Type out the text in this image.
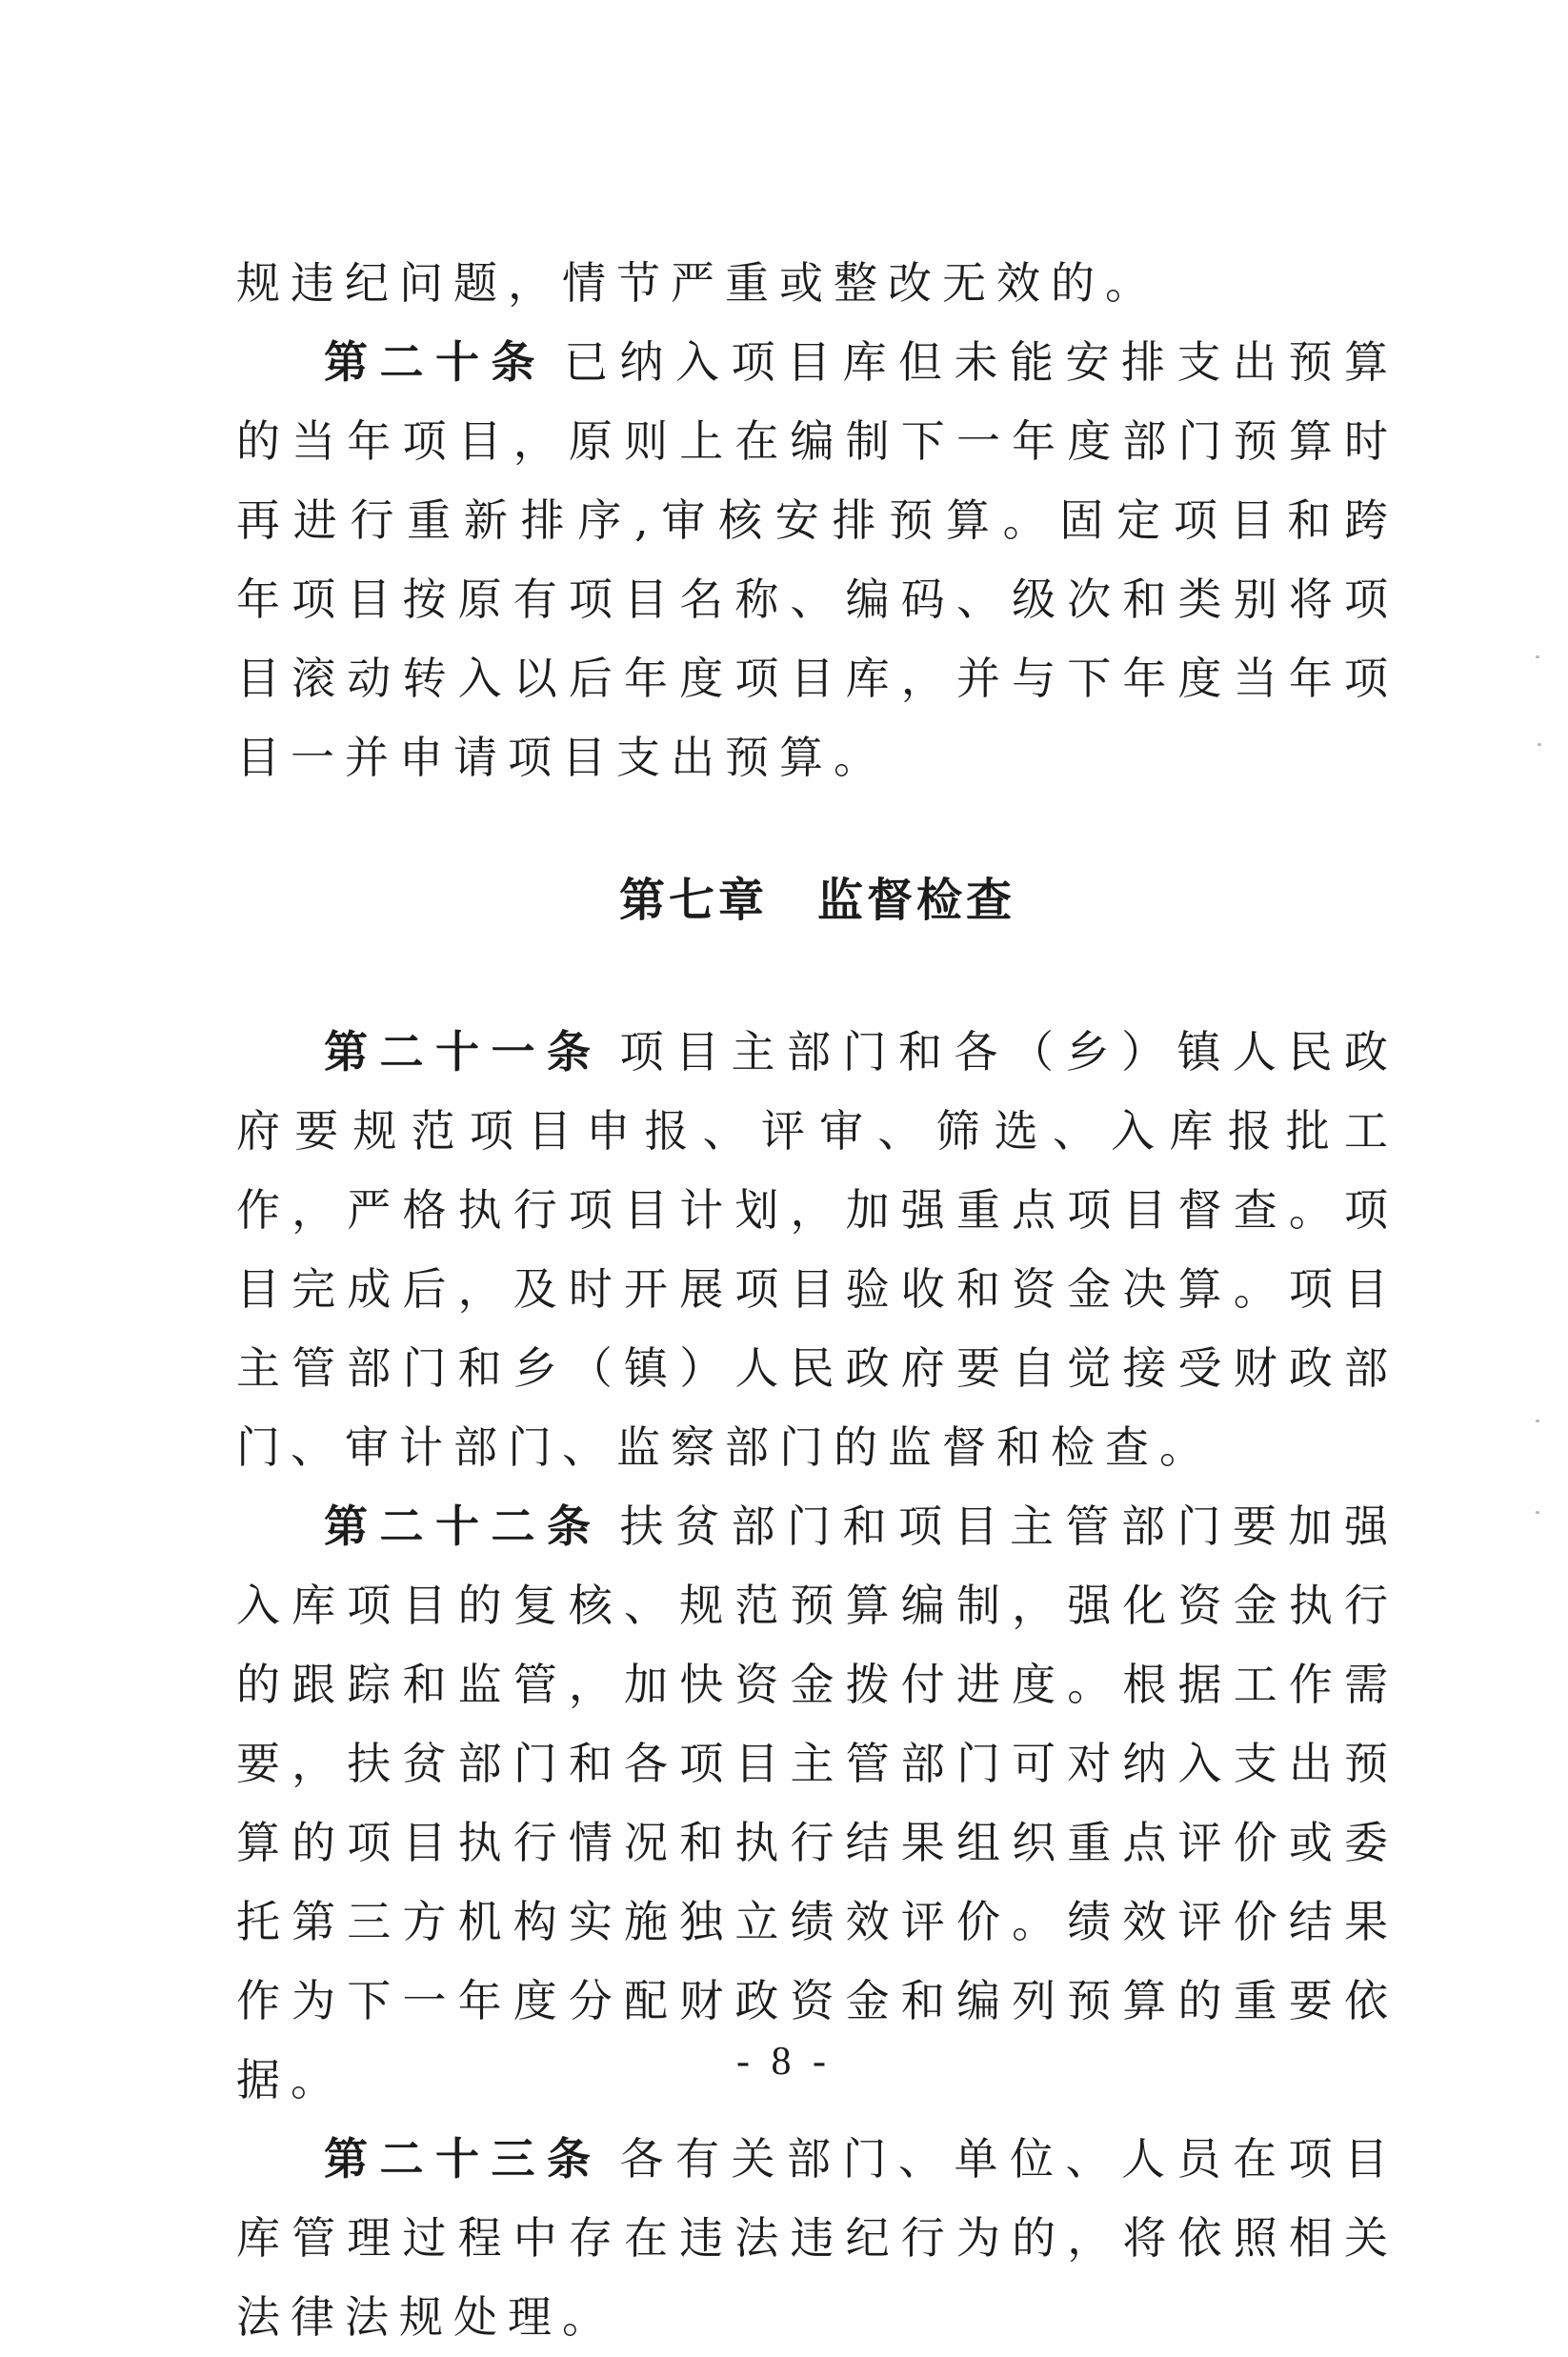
规违纪问题，情节严重或整改无效的。

第二十条 已纳入项目库但未能安排支出预算的当年项目，原则上在编制下一年度部门预算时再进行重新排序,审核安排预算。固定项目和跨年项目按原有项目名称、编码、级次和类别将项目滚动转入以后年度项目库，并与下年度当年项目一并申请项目支出预算。

第七章 监督检查

第二十一条 项目主部门和各（乡）镇人民政府要规范项目申报、评审、筛选、入库报批工作，严格执行项目计划，加强重点项目督查。项目完成后，及时开展项目验收和资金决算。项目主管部门和乡（镇）人民政府要自觉接受财政部门、审计部门、监察部门的监督和检查。

第二十二条 扶贫部门和项目主管部门要加强入库项目的复核、规范预算编制，强化资金执行的跟踪和监管，加快资金拨付进度。根据工作需要，扶贫部门和各项目主管部门可对纳入支出预算的项目执行情况和执行结果组织重点评价或委托第三方机构实施独立绩效评价。绩效评价结果作为下一年度分配财政资金和编列预算的重要依据。

第二十三条 各有关部门、单位、人员在项目库管理过程中存在违法违纪行为的，将依照相关法律法规处理。

- 8 -
